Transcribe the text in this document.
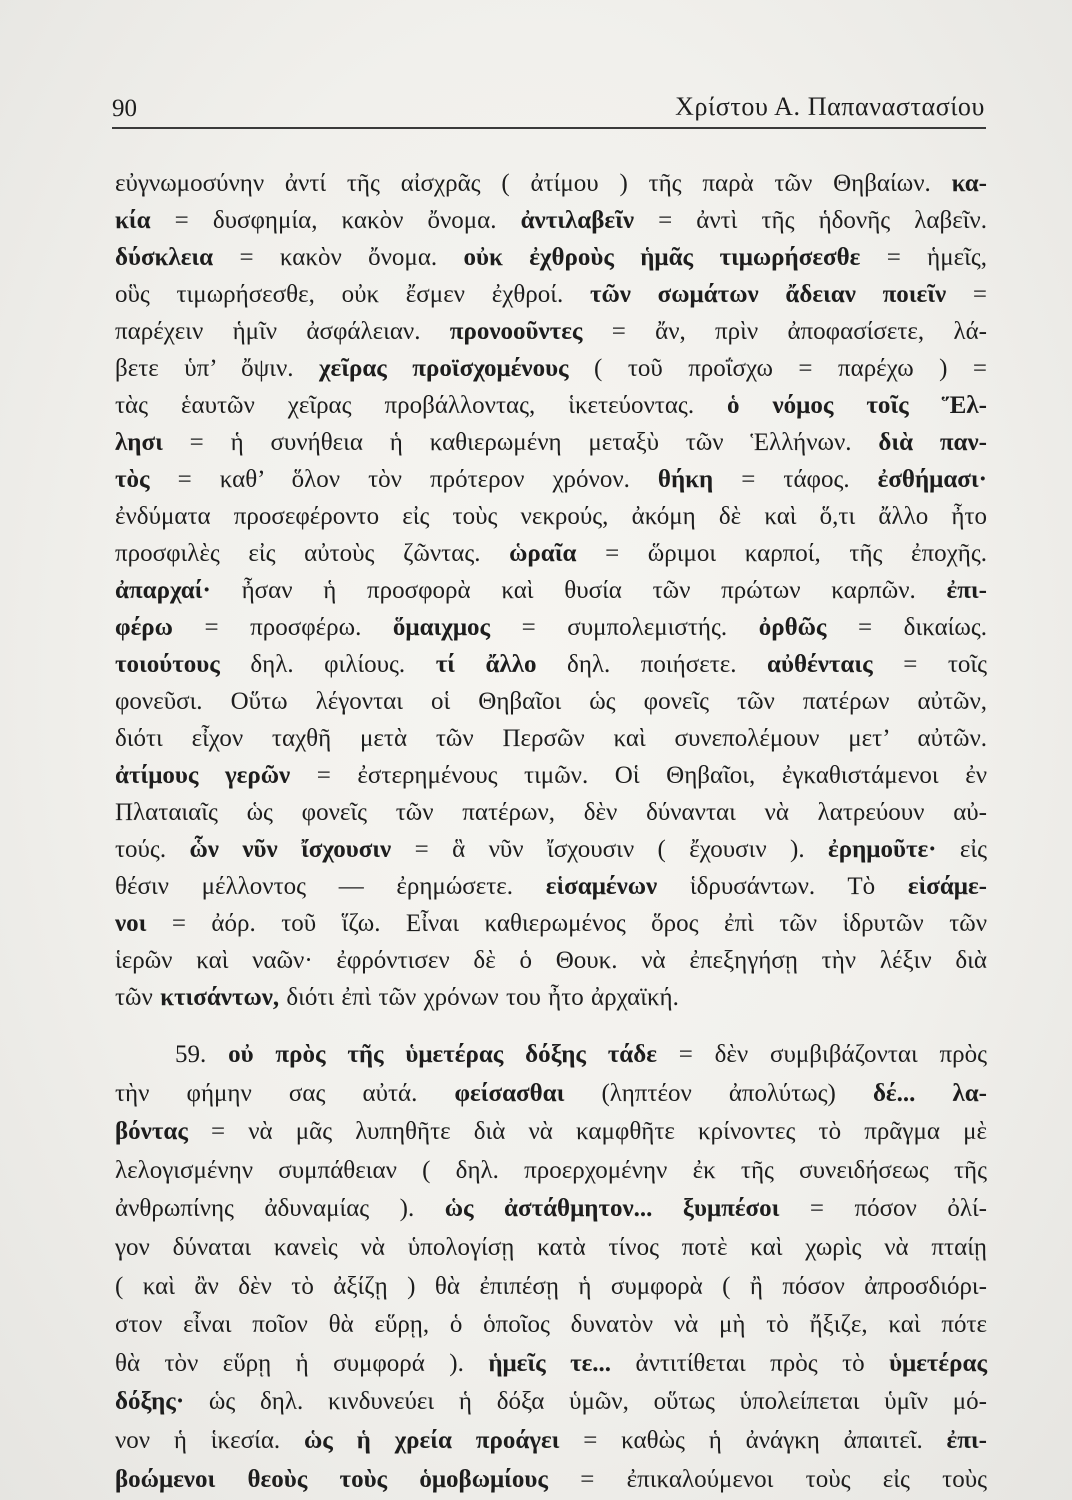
90	Χρίστου Α. Παπαναστασίου
εὐγνωμοσύνην ἀντί τῆς αἰσχρᾶς ( ἀτίμου ) τῆς παρὰ τῶν Θηβαίων. κα-
κία = δυσφημία, κακὸν ὄνομα. ἀντιλαβεῖν = ἀντὶ τῆς ἡδονῆς λαβεῖν.
δύσκλεια = κακὸν ὄνομα. οὐκ ἐχθροὺς ἡμᾶς τιμωρήσεσθε = ἡμεῖς,
οὓς τιμωρήσεσθε, οὐκ ἔσμεν ἐχθροί. τῶν σωμάτων ἄδειαν ποιεῖν =
παρέχειν ἡμῖν ἀσφάλειαν. προνοοῦντες = ἄν, πρὶν ἀποφασίσετε, λά-
βετε ὑπ’ ὄψιν. χεῖρας προϊσχομένους ( τοῦ προΐσχω = παρέχω ) =
τὰς ἑαυτῶν χεῖρας προβάλλοντας, ἱκετεύοντας. ὁ νόμος τοῖς Ἕλ-
λησι = ἡ συνήθεια ἡ καθιερωμένη μεταξὺ τῶν Ἑλλήνων. διὰ παν-
τὸς = καθ’ ὅλον τὸν πρότερον χρόνον. θήκη = τάφος. ἐσθήμασι·
ἐνδύματα προσεφέροντο εἰς τοὺς νεκρούς, ἀκόμη δὲ καὶ ὅ,τι ἄλλο ἦτο
προσφιλὲς εἰς αὐτοὺς ζῶντας. ὡραῖα = ὥριμοι καρποί, τῆς ἐποχῆς.
ἀπαρχαί· ἦσαν ἡ προσφορὰ καὶ θυσία τῶν πρώτων καρπῶν. ἐπι-
φέρω = προσφέρω. ὅμαιχμος = συμπολεμιστής. ὀρθῶς = δικαίως.
τοιούτους δηλ. φιλίους. τί ἄλλο δηλ. ποιήσετε. αὐθένταις = τοῖς
φονεῦσι. Οὕτω λέγονται οἱ Θηβαῖοι ὡς φονεῖς τῶν πατέρων αὐτῶν,
διότι εἶχον ταχθῆ μετὰ τῶν Περσῶν καὶ συνεπολέμουν μετ’ αὐτῶν.
ἀτίμους γερῶν = ἐστερημένους τιμῶν. Οἱ Θηβαῖοι, ἐγκαθιστάμενοι ἐν
Πλαταιαῖς ὡς φονεῖς τῶν πατέρων, δὲν δύνανται νὰ λατρεύουν αὐ-
τούς. ὧν νῦν ἴσχουσιν = ἃ νῦν ἴσχουσιν ( ἔχουσιν ). ἐρημοῦτε· εἰς
θέσιν μέλλοντος — ἐρημώσετε. εἱσαμένων ἱδρυσάντων. Τὸ εἱσάμε-
νοι = ἀόρ. τοῦ ἵζω. Εἶναι καθιερωμένος ὅρος ἐπὶ τῶν ἱδρυτῶν τῶν
ἱερῶν καὶ ναῶν· ἐφρόντισεν δὲ ὁ Θουκ. νὰ ἐπεξηγήσῃ τὴν λέξιν διὰ
τῶν κτισάντων, διότι ἐπὶ τῶν χρόνων του ἦτο ἀρχαϊκή.
59. οὐ πρὸς τῆς ὑμετέρας δόξης τάδε = δὲν συμβιβάζονται πρὸς
τὴν φήμην σας αὐτά. φείσασθαι (ληπτέον ἀπολύτως) δέ... λα-
βόντας = νὰ μᾶς λυπηθῆτε διὰ νὰ καμφθῆτε κρίνοντες τὸ πρᾶγμα μὲ
λελογισμένην συμπάθειαν ( δηλ. προερχομένην ἐκ τῆς συνειδήσεως τῆς
ἀνθρωπίνης ἀδυναμίας ). ὡς ἀστάθμητον... ξυμπέσοι = πόσον ὀλί-
γον δύναται κανεὶς νὰ ὑπολογίσῃ κατὰ τίνος ποτὲ καὶ χωρὶς νὰ πταίῃ
( καὶ ἂν δὲν τὸ ἀξίζῃ ) θὰ ἐπιπέσῃ ἡ συμφορὰ ( ἢ πόσον ἀπροσδιόρι-
στον εἶναι ποῖον θὰ εὕρῃ, ὁ ὁποῖος δυνατὸν νὰ μὴ τὸ ἤξιζε, καὶ πότε
θὰ τὸν εὕρῃ ἡ συμφορά ). ἡμεῖς τε... ἀντιτίθεται πρὸς τὸ ὑμετέρας
δόξης· ὡς δηλ. κινδυνεύει ἡ δόξα ὑμῶν, οὕτως ὑπολείπεται ὑμῖν μό-
νον ἡ ἱκεσία. ὡς ἡ χρεία προάγει = καθὼς ἡ ἀνάγκη ἀπαιτεῖ. ἐπι-
βοώμενοι θεοὺς τοὺς ὁμοβωμίους = ἐπικαλούμενοι τοὺς εἰς τοὺς
